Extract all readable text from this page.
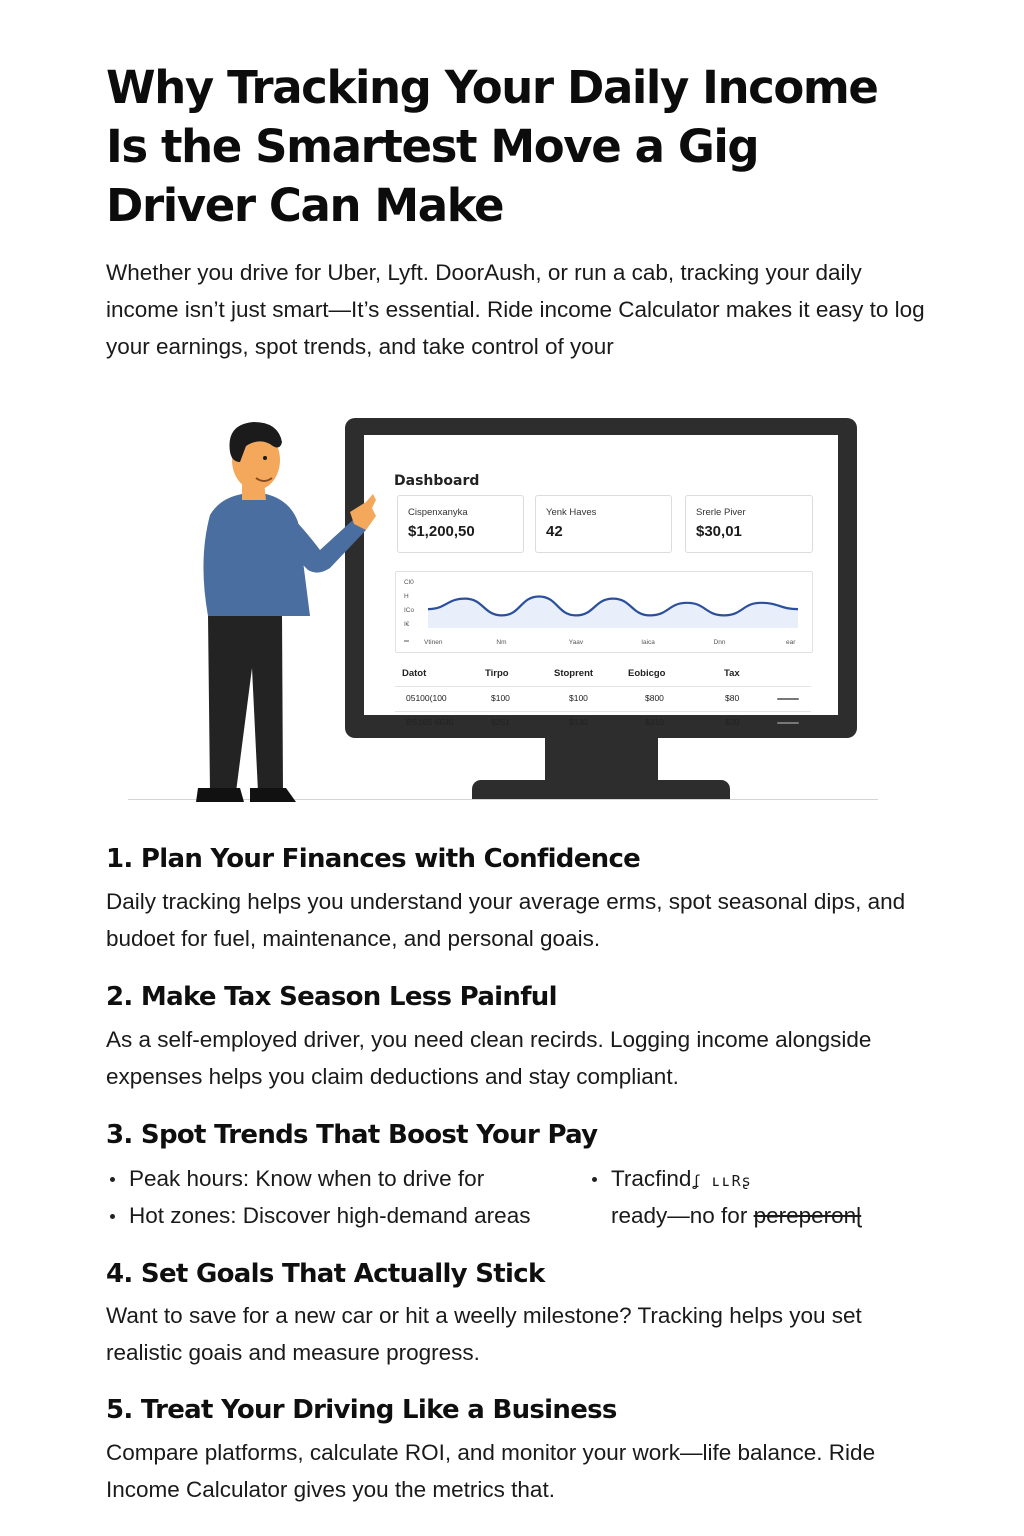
Why Tracking Your Daily Income Is the Smartest Move a Gig Driver Can Make

Whether you drive for Uber, Lyft. DoorAush, or run a cab, tracking your daily income isn’t just smart—It’s essential. Ride income Calculator makes it easy to log your earnings, spot trends, and take control of your

Dashboard
Cispenxanyka
$1,200,50
Yenk Haves
42
Srerle Piver
$30,01
Cl0
H
ICo
I€
Vtinen	Nm	Yaav	Iaica	Dnn	ear
Datot	Tirpo	Stoprent	Eobicgo	Tax
05100(100	$100	$100	$800	$80
BS16S 6GI0	$251	$130	$310	$30
1. Plan Your Finances with Confidence

Daily tracking helps you understand your average erms, spot seasonal dips, and budoet for fuel, maintenance, and personal goais.

2. Make Tax Season Less Painful

As a self-employed driver, you need clean recirds. Logging income alongside expenses helps you claim deductions and stay compliant.

3. Spot Trends That Boost Your Pay
Peak hours: Know when to drive for
Hot zones: Discover high-demand areas
Tracfindʆ ʟʟRʂ
ready—no for pereperonɭ
4. Set Goals That Actually Stick

Want to save for a new car or hit a weelly milestone? Tracking helps you set realistic goais and measure progress.

5. Treat Your Driving Like a Business

Compare platforms, calculate ROI, and monitor your work—life balance. Ride Income Calculator gives you the metrics that.
